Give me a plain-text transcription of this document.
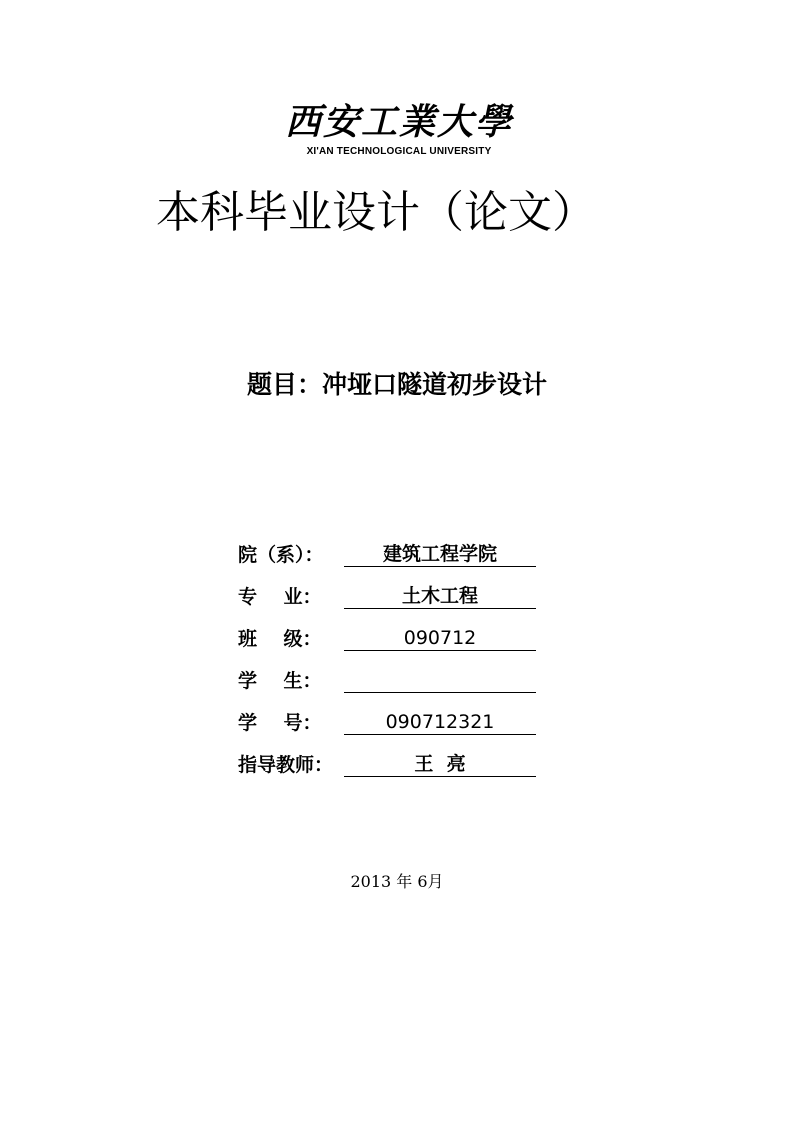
西安工業大學
XI'AN TECHNOLOGICAL UNIVERSITY
本科毕业设计（论文）
题目：冲垭口隧道初步设计
院（系）：	建筑工程学院
专    业：	土木工程
班    级：	090712
学    生：
学    号：	090712321
指导教师：	王  亮
2013 年 6月
